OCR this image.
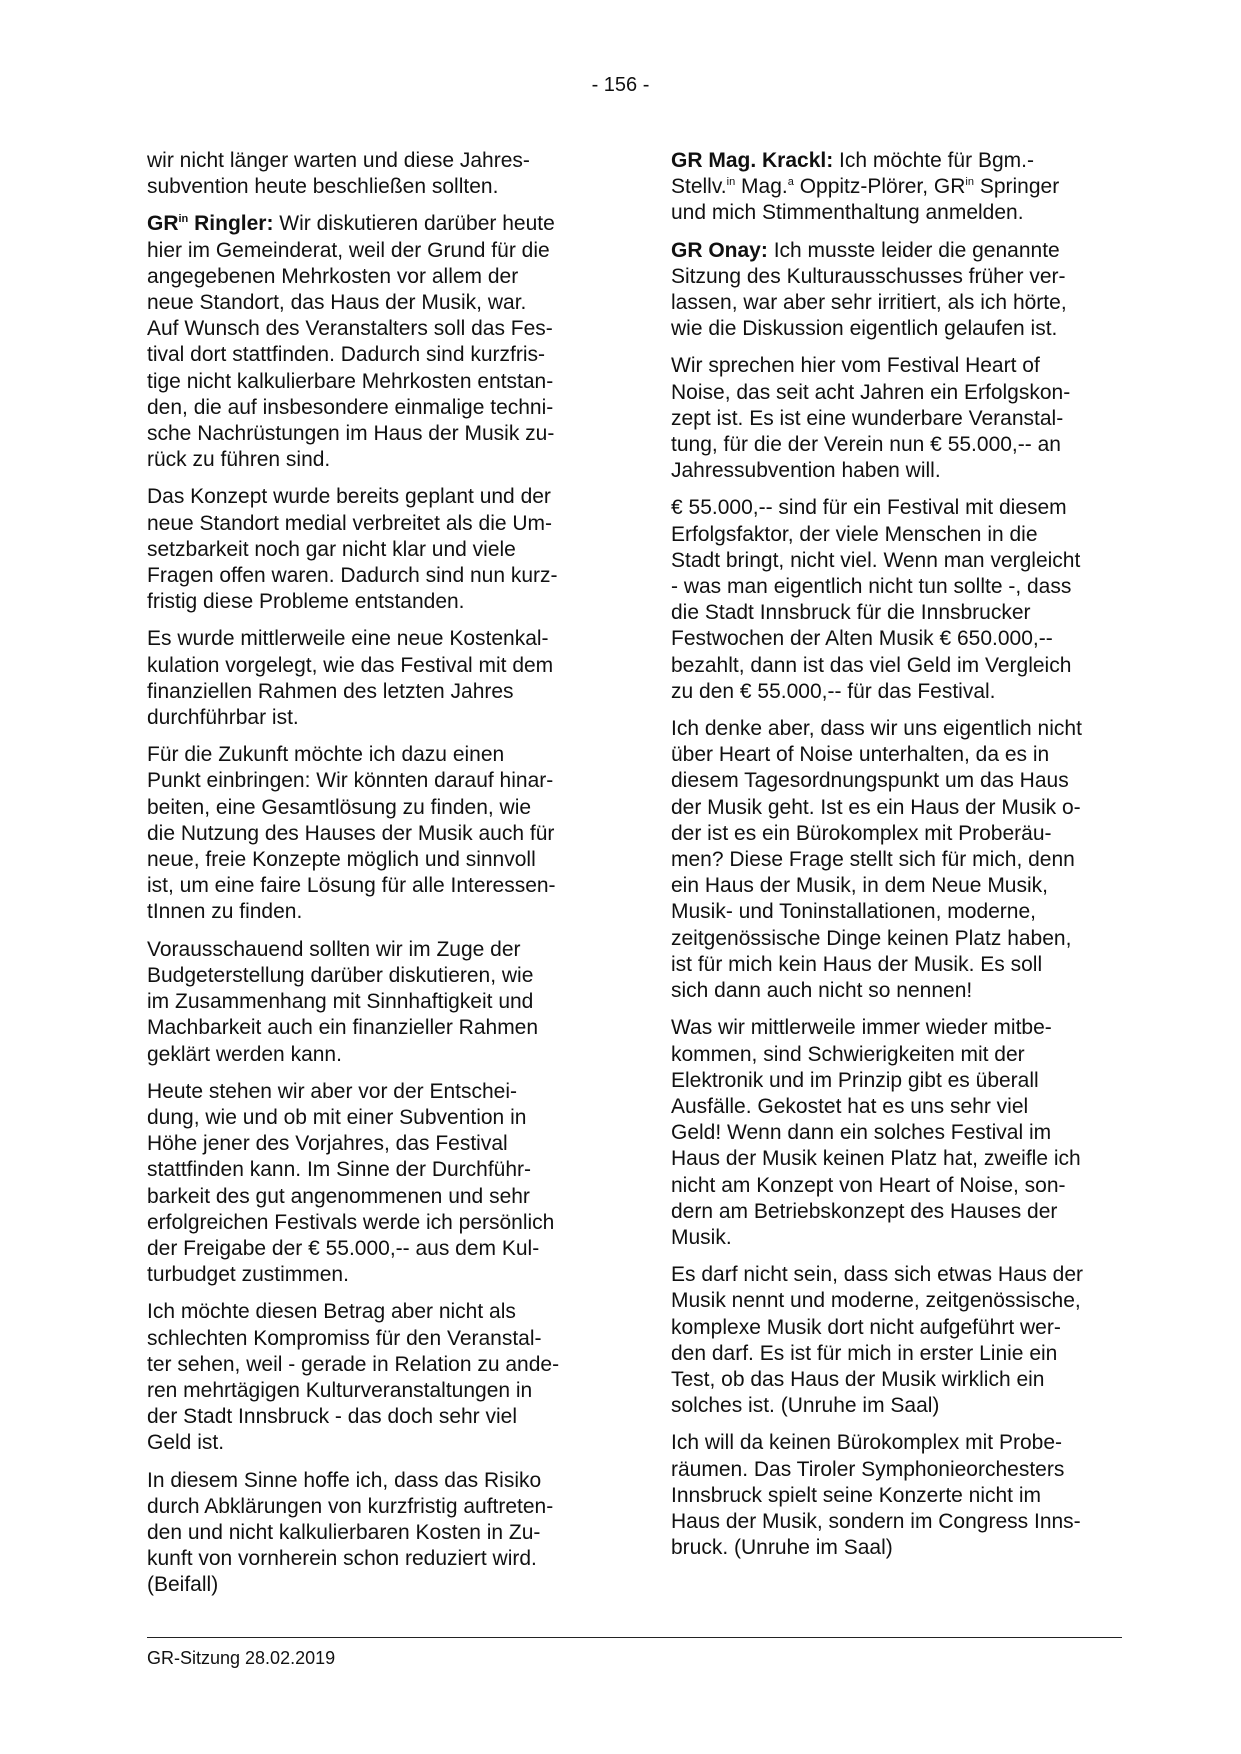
- 156 -

wir nicht länger warten und diese Jahres-
subvention heute beschließen sollten.

$GR^{in}$ Ringler: Wir diskutieren darüber heute
hier im Gemeinderat, weil der Grund für die
angegebenen Mehrkosten vor allem der
neue Standort, das Haus der Musik, war.
Auf Wunsch des Veranstalters soll das Fes-
tival dort stattfinden. Dadurch sind kurzfris-
tige nicht kalkulierbare Mehrkosten entstan-
den, die auf insbesondere einmalige techni-
sche Nachrüstungen im Haus der Musik zu-
rück zu führen sind.

Das Konzept wurde bereits geplant und der
neue Standort medial verbreitet als die Um-
setzbarkeit noch gar nicht klar und viele
Fragen offen waren. Dadurch sind nun kurz-
fristig diese Probleme entstanden.

Es wurde mittlerweile eine neue Kostenkal-
kulation vorgelegt, wie das Festival mit dem
finanziellen Rahmen des letzten Jahres
durchführbar ist.

Für die Zukunft möchte ich dazu einen
Punkt einbringen: Wir könnten darauf hinar-
beiten, eine Gesamtlösung zu finden, wie
die Nutzung des Hauses der Musik auch für
neue, freie Konzepte möglich und sinnvoll
ist, um eine faire Lösung für alle Interessen-
tInnen zu finden.

Vorausschauend sollten wir im Zuge der
Budgeterstellung darüber diskutieren, wie
im Zusammenhang mit Sinnhaftigkeit und
Machbarkeit auch ein finanzieller Rahmen
geklärt werden kann.

Heute stehen wir aber vor der Entschei-
dung, wie und ob mit einer Subvention in
Höhe jener des Vorjahres, das Festival
stattfinden kann. Im Sinne der Durchführ-
barkeit des gut angenommenen und sehr
erfolgreichen Festivals werde ich persönlich
der Freigabe der € 55.000,-- aus dem Kul-
turbudget zustimmen.

Ich möchte diesen Betrag aber nicht als
schlechten Kompromiss für den Veranstal-
ter sehen, weil - gerade in Relation zu ande-
ren mehrtägigen Kulturveranstaltungen in
der Stadt Innsbruck - das doch sehr viel
Geld ist.

In diesem Sinne hoffe ich, dass das Risiko
durch Abklärungen von kurzfristig auftreten-
den und nicht kalkulierbaren Kosten in Zu-
kunft von vornherein schon reduziert wird.
(Beifall)

GR Mag. Krackl: Ich möchte für Bgm.-
Stellv.$^{in}$ Mag.$^a$ Oppitz-Plörer, $GR^{in}$ Springer
und mich Stimmenthaltung anmelden.

GR Onay: Ich musste leider die genannte
Sitzung des Kulturausschusses früher ver-
lassen, war aber sehr irritiert, als ich hörte,
wie die Diskussion eigentlich gelaufen ist.

Wir sprechen hier vom Festival Heart of
Noise, das seit acht Jahren ein Erfolgskon-
zept ist. Es ist eine wunderbare Veranstal-
tung, für die der Verein nun € 55.000,-- an
Jahressubvention haben will.

€ 55.000,-- sind für ein Festival mit diesem
Erfolgsfaktor, der viele Menschen in die
Stadt bringt, nicht viel. Wenn man vergleicht
- was man eigentlich nicht tun sollte -, dass
die Stadt Innsbruck für die Innsbrucker
Festwochen der Alten Musik € 650.000,--
bezahlt, dann ist das viel Geld im Vergleich
zu den € 55.000,-- für das Festival.

Ich denke aber, dass wir uns eigentlich nicht
über Heart of Noise unterhalten, da es in
diesem Tagesordnungspunkt um das Haus
der Musik geht. Ist es ein Haus der Musik o-
der ist es ein Bürokomplex mit Proberäu-
men? Diese Frage stellt sich für mich, denn
ein Haus der Musik, in dem Neue Musik,
Musik- und Toninstallationen, moderne,
zeitgenössische Dinge keinen Platz haben,
ist für mich kein Haus der Musik. Es soll
sich dann auch nicht so nennen!

Was wir mittlerweile immer wieder mitbe-
kommen, sind Schwierigkeiten mit der
Elektronik und im Prinzip gibt es überall
Ausfälle. Gekostet hat es uns sehr viel
Geld! Wenn dann ein solches Festival im
Haus der Musik keinen Platz hat, zweifle ich
nicht am Konzept von Heart of Noise, son-
dern am Betriebskonzept des Hauses der
Musik.

Es darf nicht sein, dass sich etwas Haus der
Musik nennt und moderne, zeitgenössische,
komplexe Musik dort nicht aufgeführt wer-
den darf. Es ist für mich in erster Linie ein
Test, ob das Haus der Musik wirklich ein
solches ist. (Unruhe im Saal)

Ich will da keinen Bürokomplex mit Probe-
räumen. Das Tiroler Symphonieorchesters
Innsbruck spielt seine Konzerte nicht im
Haus der Musik, sondern im Congress Inns-
bruck. (Unruhe im Saal)

GR-Sitzung 28.02.2019
